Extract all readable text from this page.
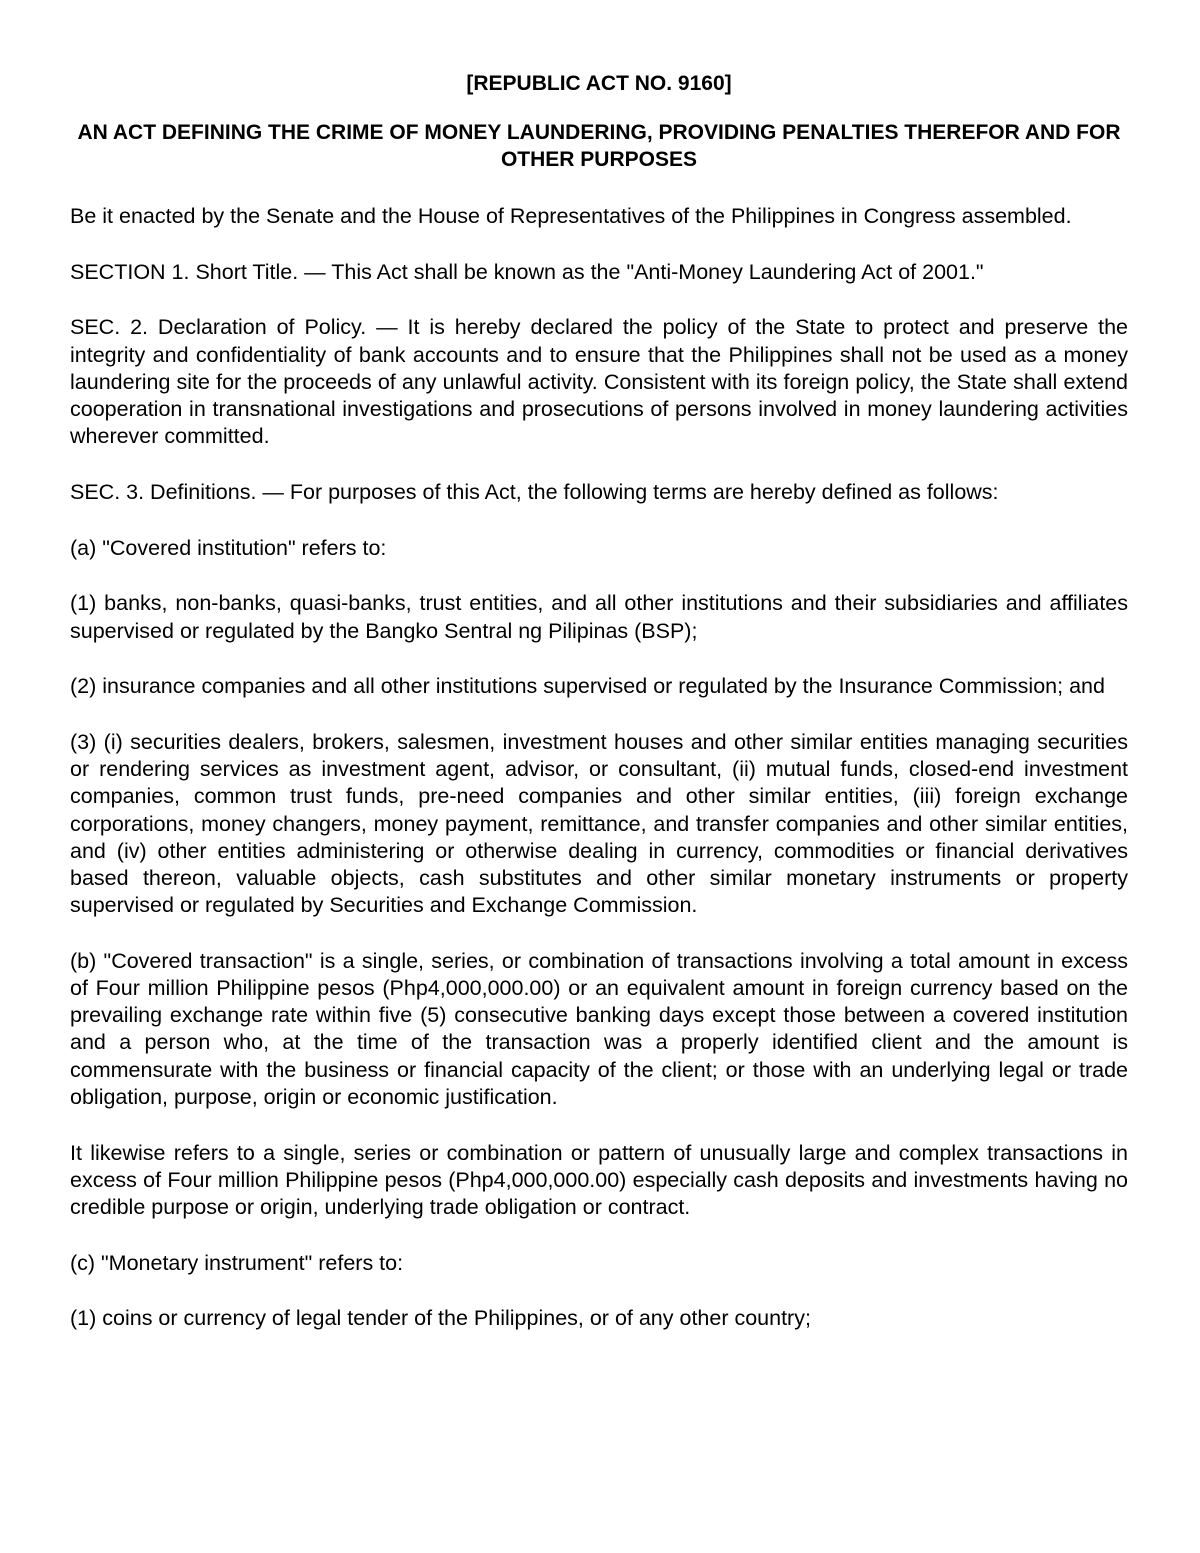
[REPUBLIC ACT NO. 9160]
AN ACT DEFINING THE CRIME OF MONEY LAUNDERING, PROVIDING PENALTIES THEREFOR AND FOR OTHER PURPOSES

Be it enacted by the Senate and the House of Representatives of the Philippines in Congress assembled.

SECTION 1. Short Title. — This Act shall be known as the "Anti-Money Laundering Act of 2001."

SEC. 2. Declaration of Policy. — It is hereby declared the policy of the State to protect and preserve the integrity and confidentiality of bank accounts and to ensure that the Philippines shall not be used as a money laundering site for the proceeds of any unlawful activity. Consistent with its foreign policy, the State shall extend cooperation in transnational investigations and prosecutions of persons involved in money laundering activities wherever committed.

SEC. 3. Definitions. — For purposes of this Act, the following terms are hereby defined as follows:

(a) "Covered institution" refers to:

(1) banks, non-banks, quasi-banks, trust entities, and all other institutions and their subsidiaries and affiliates supervised or regulated by the Bangko Sentral ng Pilipinas (BSP);

(2) insurance companies and all other institutions supervised or regulated by the Insurance Commission; and

(3) (i) securities dealers, brokers, salesmen, investment houses and other similar entities managing securities or rendering services as investment agent, advisor, or consultant, (ii) mutual funds, closed-end investment companies, common trust funds, pre-need companies and other similar entities, (iii) foreign exchange corporations, money changers, money payment, remittance, and transfer companies and other similar entities, and (iv) other entities administering or otherwise dealing in currency, commodities or financial derivatives based thereon, valuable objects, cash substitutes and other similar monetary instruments or property supervised or regulated by Securities and Exchange Commission.

(b) "Covered transaction" is a single, series, or combination of transactions involving a total amount in excess of Four million Philippine pesos (Php4,000,000.00) or an equivalent amount in foreign currency based on the prevailing exchange rate within five (5) consecutive banking days except those between a covered institution and a person who, at the time of the transaction was a properly identified client and the amount is commensurate with the business or financial capacity of the client; or those with an underlying legal or trade obligation, purpose, origin or economic justification.

It likewise refers to a single, series or combination or pattern of unusually large and complex transactions in excess of Four million Philippine pesos (Php4,000,000.00) especially cash deposits and investments having no credible purpose or origin, underlying trade obligation or contract.

(c) "Monetary instrument" refers to:

(1) coins or currency of legal tender of the Philippines, or of any other country;
